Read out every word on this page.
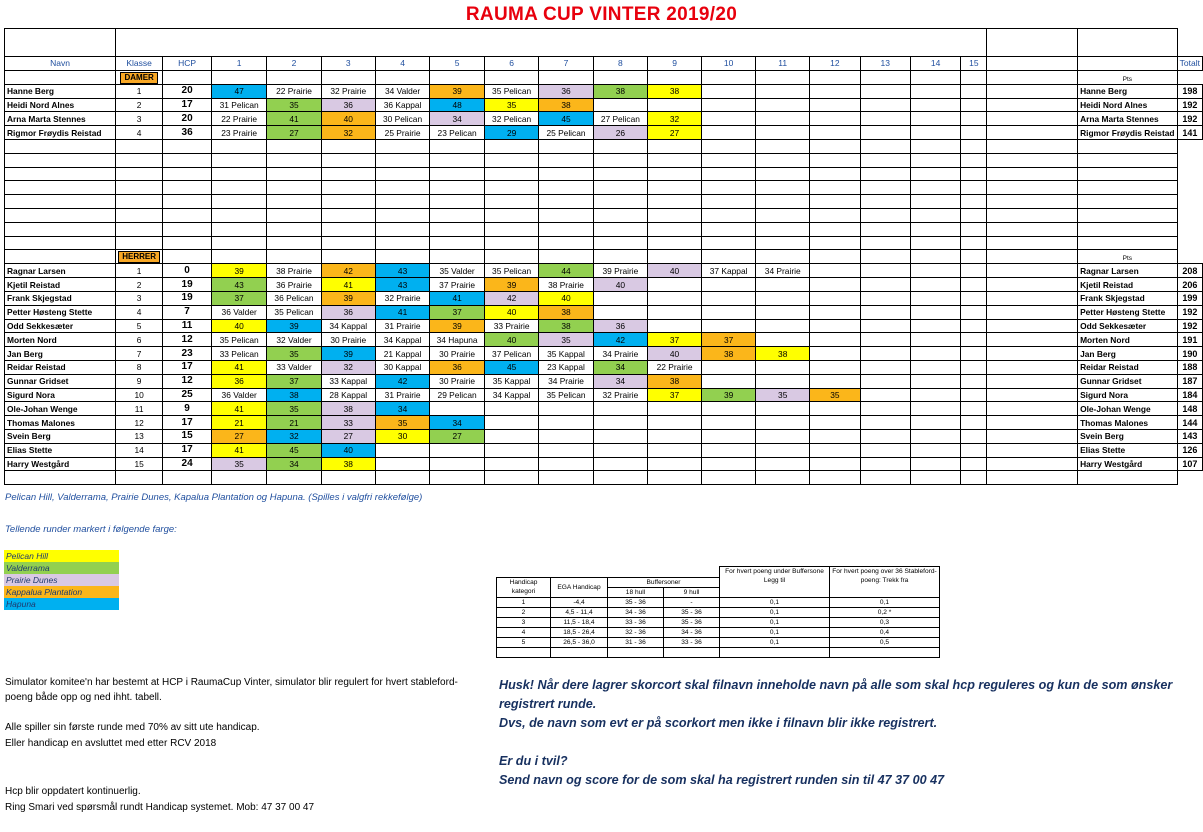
RAUMA CUP VINTER 2019/20

Navn	Klasse	HCP	1	2	3	4	5	6	7	8	9	10	11	12	13	14	15			Totalt
	DAMER																		Pts	
Hanne Berg	1	20	47	22 Prairie	32 Prairie	34 Valder	39	35 Pelican	36	38	38								Hanne Berg	198
Heidi Nord Alnes	2	17	31 Pelican	35	36	36 Kappal	48	35	38										Heidi Nord Alnes	192
Arna Marta Stennes	3	20	22 Prairie	41	40	30 Pelican	34	32 Pelican	45	27 Pelican	32								Arna Marta Stennes	192
Rigmor Frøydis Reistad	4	36	23 Prairie	27	32	25 Prairie	23 Pelican	29	25 Pelican	26	27								Rigmor Frøydis Reistad	141

	HERRER																		Pts	
Ragnar Larsen	1	0	39	38 Prairie	42	43	35 Valder	35 Pelican	44	39 Prairie	40	37 Kappal	34 Prairie						Ragnar Larsen	208
Kjetil Reistad	2	19	43	36 Prairie	41	43	37 Prairie	39	38 Prairie	40									Kjetil Reistad	206
Frank Skjegstad	3	19	37	36 Pelican	39	32 Prairie	41	42	40										Frank Skjegstad	199
Petter Høsteng Stette	4	7	36 Valder	35 Pelican	36	41	37	40	38										Petter Høsteng Stette	192
Odd Sekkesæter	5	11	40	39	34 Kappal	31 Prairie	39	33 Prairie	38	36									Odd Sekkesæter	192
Morten Nord	6	12	35 Pelican	32 Valder	30 Prairie	34 Kappal	34 Hapuna	40	35	42	37	37							Morten Nord	191
Jan Berg	7	23	33 Pelican	35	39	21 Kappal	30 Prairie	37 Pelican	35 Kappal	34 Prairie	40	38	38						Jan Berg	190
Reidar Reistad	8	17	41	33 Valder	32	30 Kappal	36	45	23 Kappal	34	22 Prairie								Reidar Reistad	188
Gunnar Gridset	9	12	36	37	33 Kappal	42	30 Prairie	35 Kappal	34 Prairie	34	38								Gunnar Gridset	187
Sigurd Nora	10	25	36 Valder	38	28 Kappal	31 Prairie	29 Pelican	34 Kappal	35 Pelican	32 Prairie	37	39	35	35					Sigurd Nora	184
Ole-Johan Wenge	11	9	41	35	38	34													Ole-Johan Wenge	148
Thomas Malones	12	17	21	21	33	35	34												Thomas Malones	144
Svein Berg	13	15	27	32	27	30	27												Svein Berg	143
Elias Stette	14	17	41	45	40														Elias Stette	126
Harry Westgård	15	24	35	34	38														Harry Westgård	107

Pelican Hill, Valderrama, Prairie Dunes, Kapalua Plantation og Hapuna. (Spilles i valgfri rekkefølge)
Tellende runder markert i følgende farge:
Pelican Hill
Valderrama
Prairie Dunes
Kappalua Plantation
Hapuna
				For hvert poeng under Buffersone Legg til	For hvert poeng over 36 Stableford-poeng: Trekk fra
Handicap kategori	EGA Handicap	Buffersoner			
		18 hull	9 hull		
1	-4,4	35 - 36	-	0,1	0,1
2	4,5 - 11,4	34 - 36	35 - 36	0,1	0,2 *
3	11,5 - 18,4	33 - 36	35 - 36	0,1	0,3
4	18,5 - 26,4	32 - 36	34 - 36	0,1	0,4
5	26,5 - 36,0	31 - 36	33 - 36	0,1	0,5

Simulator komitee'n har bestemt at HCP i RaumaCup Vinter, simulator blir regulert for hvert stableford-poeng både opp og ned ihht. tabell.
Alle spiller sin første runde med 70% av sitt ute handicap.
Eller handicap en avsluttet med etter RCV 2018
Hcp blir oppdatert kontinuerlig.
Ring Smari ved spørsmål rundt Handicap systemet. Mob: 47 37 00 47
Husk! Når dere lagrer skorcort skal filnavn inneholde navn på alle som skal hcp reguleres og kun de som ønsker registrert runde.
Dvs, de navn som evt er på scorkort men ikke i filnavn blir ikke registrert.
Er du i tvil?
Send navn og score for de som skal ha registrert runden sin til 47 37 00 47
